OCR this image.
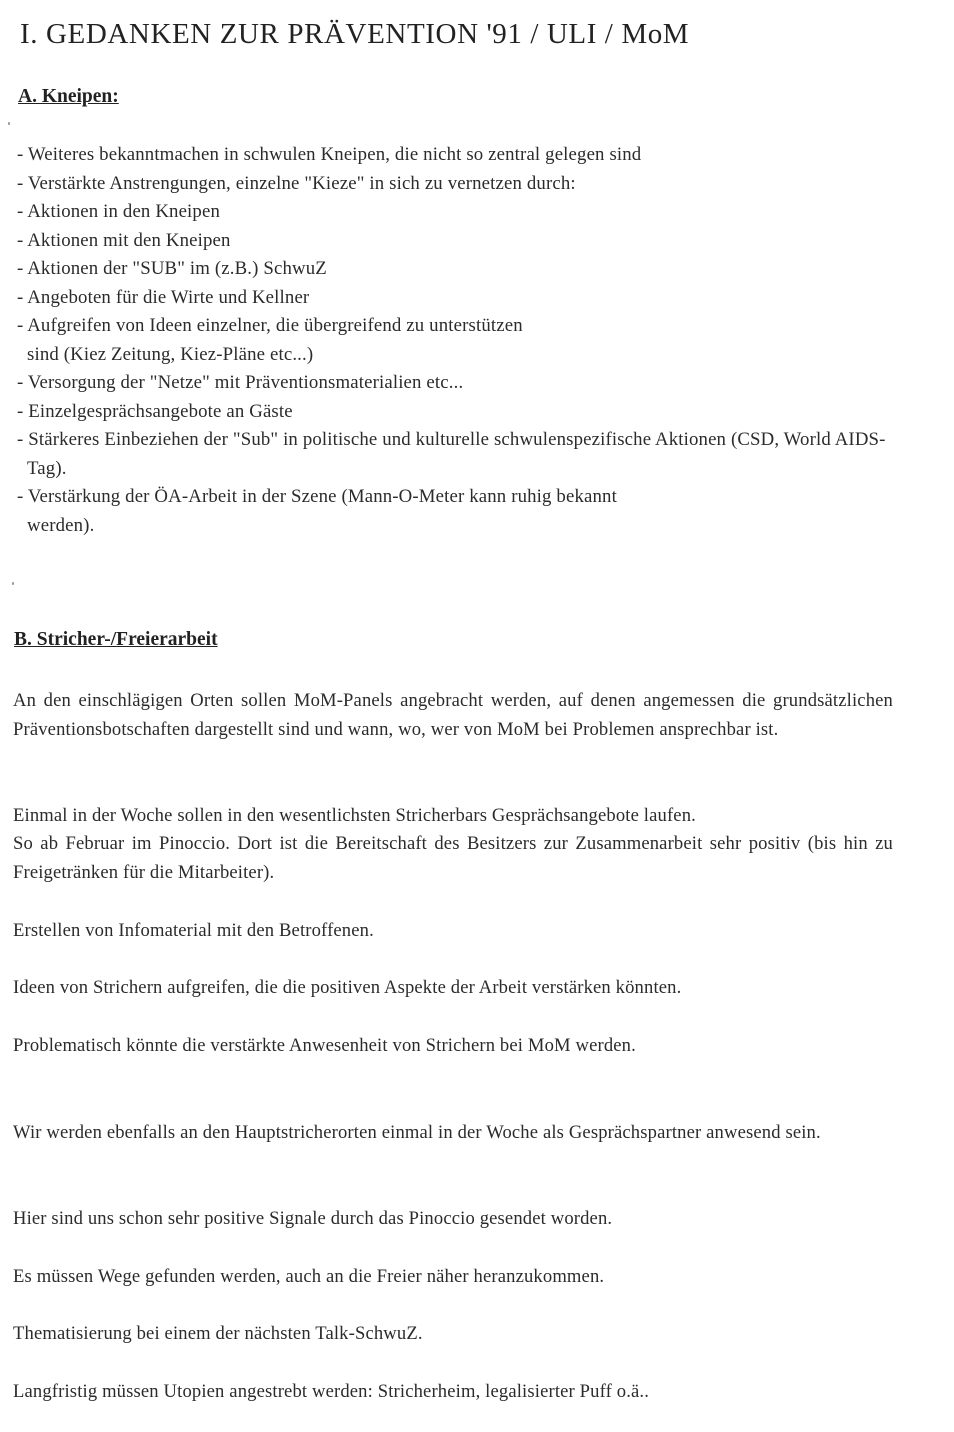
I. GEDANKEN ZUR PRÄVENTION '91 / ULI / MoM
A. Kneipen:
- Weiteres bekanntmachen in schwulen Kneipen, die nicht so zentral gelegen sind
- Verstärkte Anstrengungen, einzelne "Kieze" in sich zu vernetzen durch:
- Aktionen in den Kneipen
- Aktionen mit den Kneipen
- Aktionen der "SUB" im (z.B.) SchwuZ
- Angeboten für die Wirte und Kellner
- Aufgreifen von Ideen einzelner, die übergreifend zu unterstützen sind (Kiez Zeitung, Kiez-Pläne etc...)
- Versorgung der "Netze" mit Präventionsmaterialien etc...
- Einzelgesprächsangebote an Gäste
- Stärkeres Einbeziehen der "Sub" in politische und kulturelle schwulenspezifische Aktionen (CSD, World AIDS-Tag).
- Verstärkung der ÖA-Arbeit in der Szene (Mann-O-Meter kann ruhig bekannt werden).
B. Stricher-/Freierarbeit

An den einschlägigen Orten sollen MoM-Panels angebracht werden, auf denen angemessen die grundsätzlichen Präventionsbotschaften dargestellt sind und wann, wo, wer von MoM bei Problemen ansprechbar ist.

Einmal in der Woche sollen in den wesentlichsten Stricherbars Gesprächsangebote laufen.

So ab Februar im Pinoccio. Dort ist die Bereitschaft des Besitzers zur Zusammenarbeit sehr positiv (bis hin zu Freigetränken für die Mitarbeiter).

Erstellen von Infomaterial mit den Betroffenen.

Ideen von Strichern aufgreifen, die die positiven Aspekte der Arbeit verstärken könnten.

Problematisch könnte die verstärkte Anwesenheit von Strichern bei MoM werden.

Wir werden ebenfalls an den Hauptstricherorten einmal in der Woche als Gesprächspartner anwesend sein.

Hier sind uns schon sehr positive Signale durch das Pinoccio gesendet worden.

Es müssen Wege gefunden werden, auch an die Freier näher heranzukommen.

Thematisierung bei einem der nächsten Talk-SchwuZ.

Langfristig müssen Utopien angestrebt werden: Stricherheim, legalisierter Puff o.ä..
